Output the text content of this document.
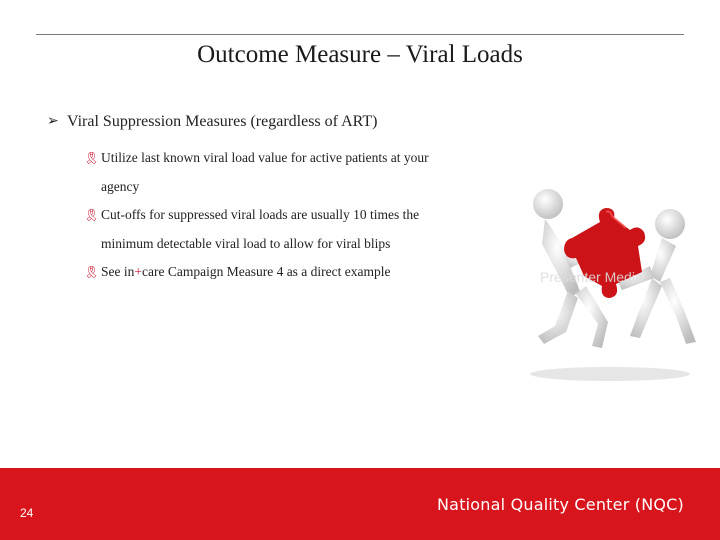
Outcome Measure – Viral Loads
➢ Viral Suppression Measures (regardless of ART)
🎗 Utilize last known viral load value for active patients at your
agency
🎗 Cut-offs for suppressed viral loads are usually 10 times the
minimum detectable viral load to allow for viral blips
🎗 See in+care Campaign Measure 4 as a direct example	Presenter Media
24	National Quality Center (NQC)
